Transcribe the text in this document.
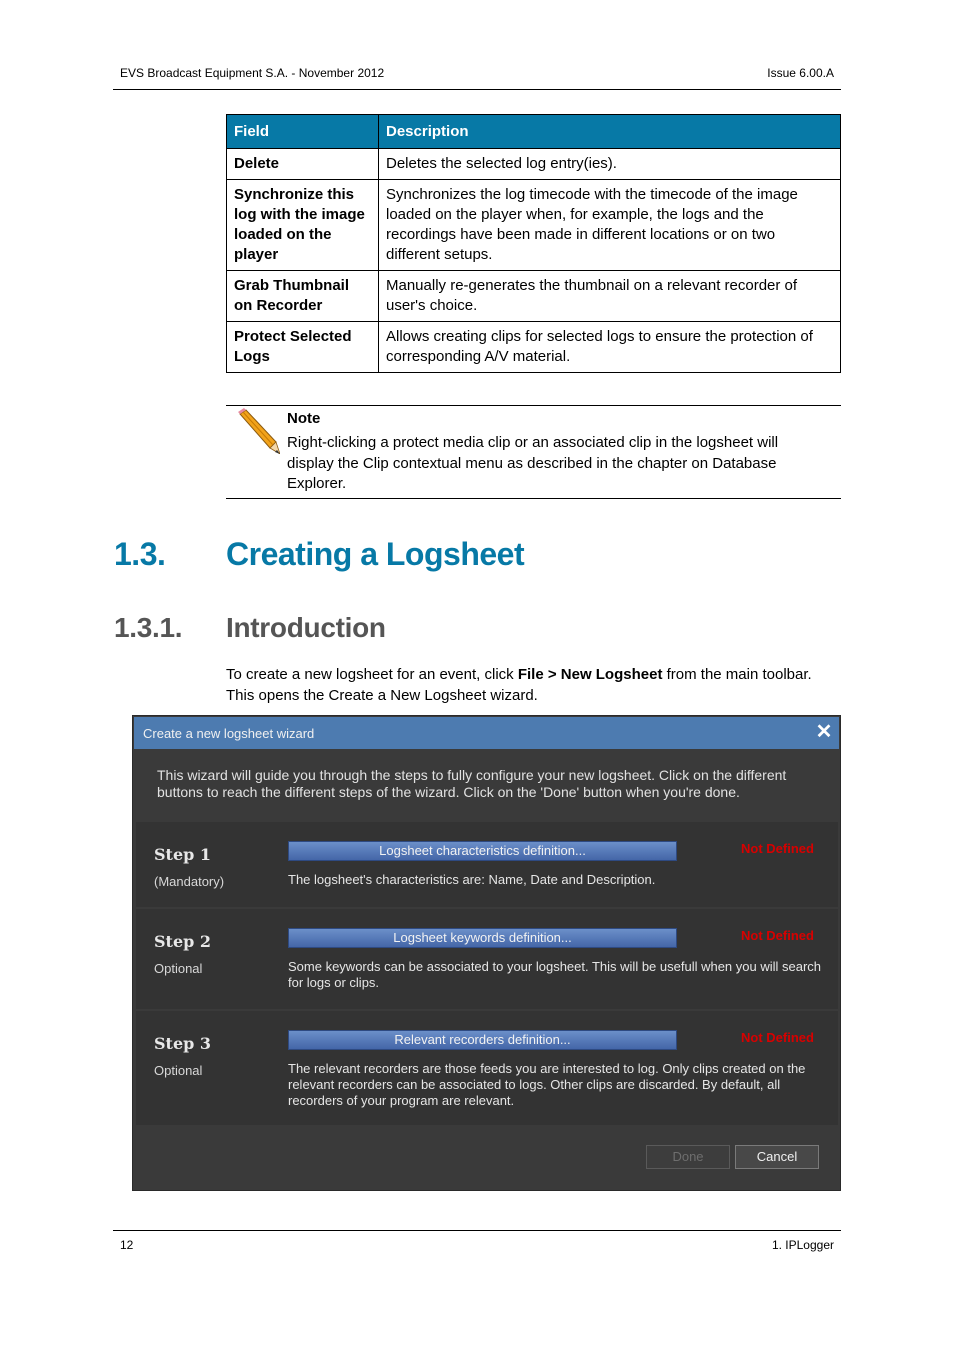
EVS Broadcast Equipment S.A. - November 2012	Issue 6.00.A
Field	Description
Delete	Deletes the selected log entry(ies).
Synchronize this log with the image loaded on the player	Synchronizes the log timecode with the timecode of the image loaded on the player when, for example, the logs and the recordings have been made in different locations or on two different setups.
Grab Thumbnail on Recorder	Manually re-generates the thumbnail on a relevant recorder of user's choice.
Protect Selected Logs	Allows creating clips for selected logs to ensure the protection of corresponding A/V material.
Note
Right-clicking a protect media clip or an associated clip in the logsheet will display the Clip contextual menu as described in the chapter on Database Explorer.
1.3. Creating a Logsheet
1.3.1. Introduction

To create a new logsheet for an event, click File > New Logsheet from the main toolbar. This opens the Create a New Logsheet wizard.

Create a new logsheet wizard	✕
This wizard will guide you through the steps to fully configure your new logsheet. Click on the different buttons to reach the different steps of the wizard. Click on the 'Done' button when you're done.
Step 1
(Mandatory)
Logsheet characteristics definition...	Not Defined
The logsheet's characteristics are: Name, Date and Description.
Step 2
Optional
Logsheet keywords definition...	Not Defined
Some keywords can be associated to your logsheet. This will be usefull when you will search for logs or clips.
Step 3
Optional
Relevant recorders definition...	Not Defined
The relevant recorders are those feeds you are interested to log. Only clips created on the relevant recorders can be associated to logs. Other clips are discarded. By default, all recorders of your program are relevant.
Done	Cancel
12	1. IPLogger
